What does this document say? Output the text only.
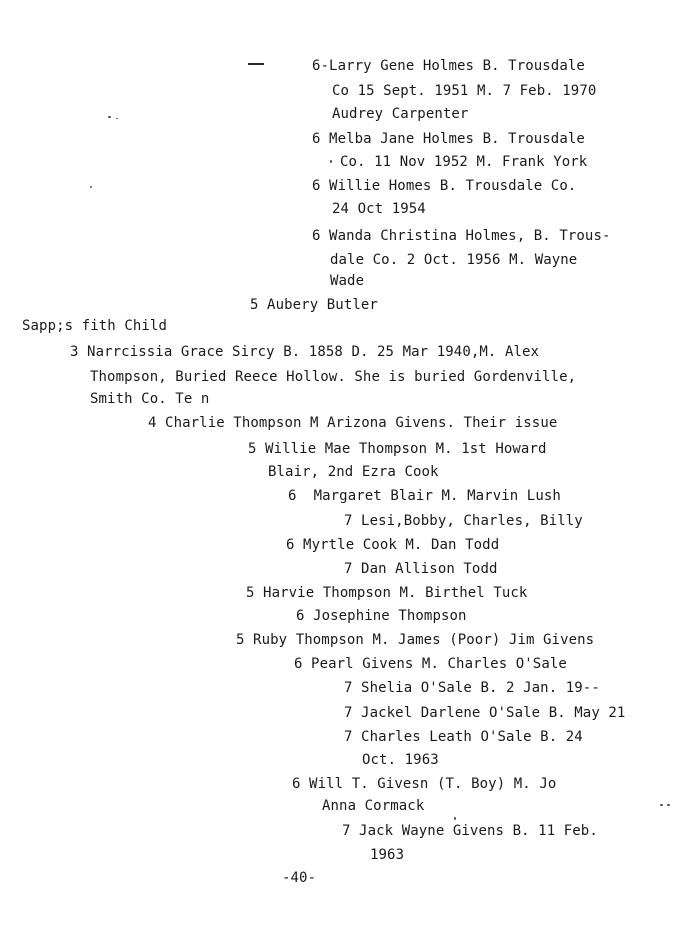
6-Larry Gene Holmes B. Trousdale
Co 15 Sept. 1951 M. 7 Feb. 1970
Audrey Carpenter
6 Melba Jane Holmes B. Trousdale
Co. 11 Nov 1952 M. Frank York
6 Willie Homes B. Trousdale Co.
24 Oct 1954
6 Wanda Christina Holmes, B. Trous-
dale Co. 2 Oct. 1956 M. Wayne
Wade
5 Aubery Butler
Sapp;s fith Child
3 Narrcissia Grace Sircy B. 1858 D. 25 Mar 1940,M. Alex
Thompson, Buried Reece Hollow. She is buried Gordenville,
Smith Co. Te n
4 Charlie Thompson M Arizona Givens. Their issue
5 Willie Mae Thompson M. 1st Howard
Blair, 2nd Ezra Cook
6  Margaret Blair M. Marvin Lush
7 Lesi,Bobby, Charles, Billy
6 Myrtle Cook M. Dan Todd
7 Dan Allison Todd
5 Harvie Thompson M. Birthel Tuck
6 Josephine Thompson
5 Ruby Thompson M. James (Poor) Jim Givens
6 Pearl Givens M. Charles O'Sale
7 Shelia O'Sale B. 2 Jan. 19--
7 Jackel Darlene O'Sale B. May 21
7 Charles Leath O'Sale B. 24
Oct. 1963
6 Will T. Givesn (T. Boy) M. Jo
Anna Cormack
7 Jack Wayne Givens B. 11 Feb.
1963
-40-
